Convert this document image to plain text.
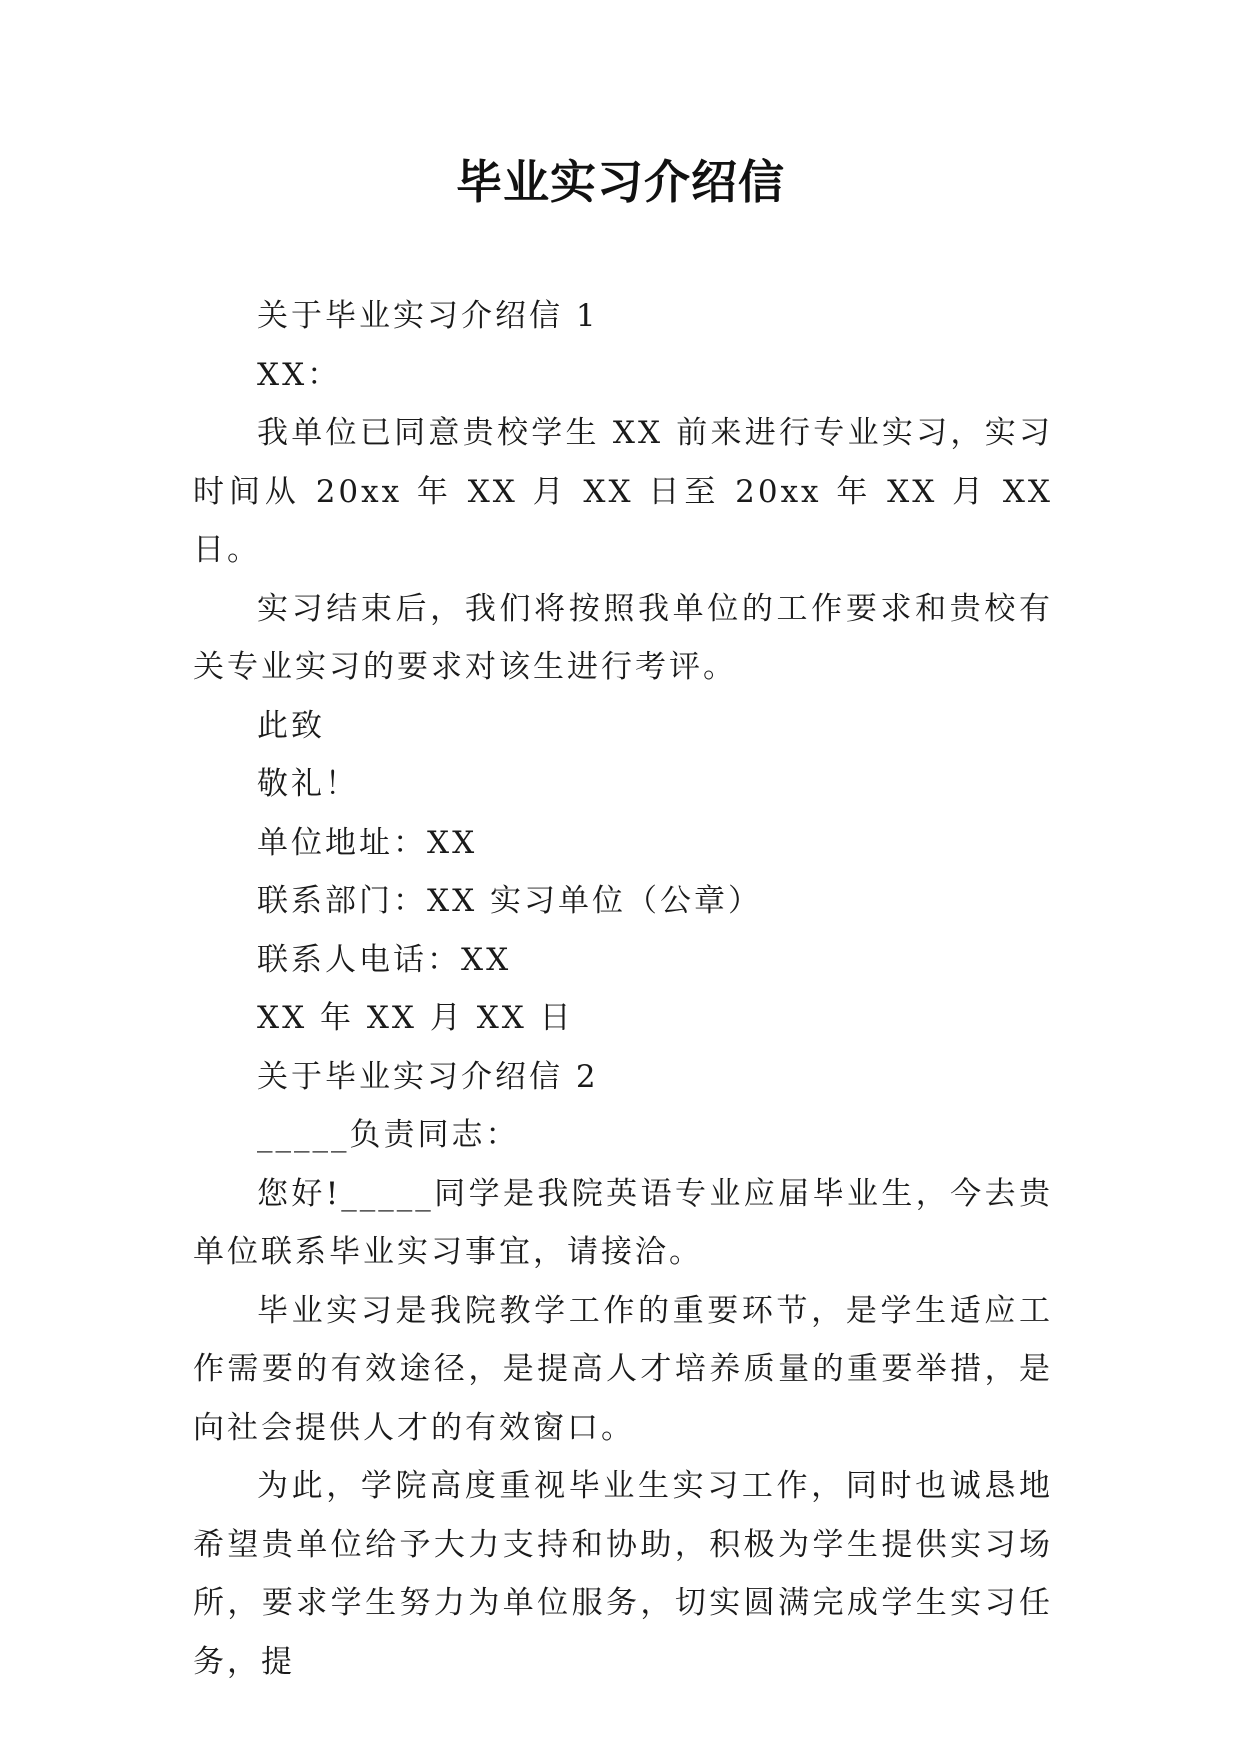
毕业实习介绍信

关于毕业实习介绍信 1

XX：

我单位已同意贵校学生 XX 前来进行专业实习，实习时间从 20xx 年 XX 月 XX 日至 20xx 年 XX 月 XX 日。

实习结束后，我们将按照我单位的工作要求和贵校有关专业实习的要求对该生进行考评。

此致

敬礼！

单位地址：XX

联系部门：XX 实习单位（公章）

联系人电话：XX

XX 年 XX 月 XX 日

关于毕业实习介绍信 2

_____负责同志：

您好!_____同学是我院英语专业应届毕业生，今去贵单位联系毕业实习事宜，请接洽。

毕业实习是我院教学工作的重要环节，是学生适应工作需要的有效途径，是提高人才培养质量的重要举措，是向社会提供人才的有效窗口。

为此，学院高度重视毕业生实习工作，同时也诚恳地希望贵单位给予大力支持和协助，积极为学生提供实习场所，要求学生努力为单位服务，切实圆满完成学生实习任务，提
